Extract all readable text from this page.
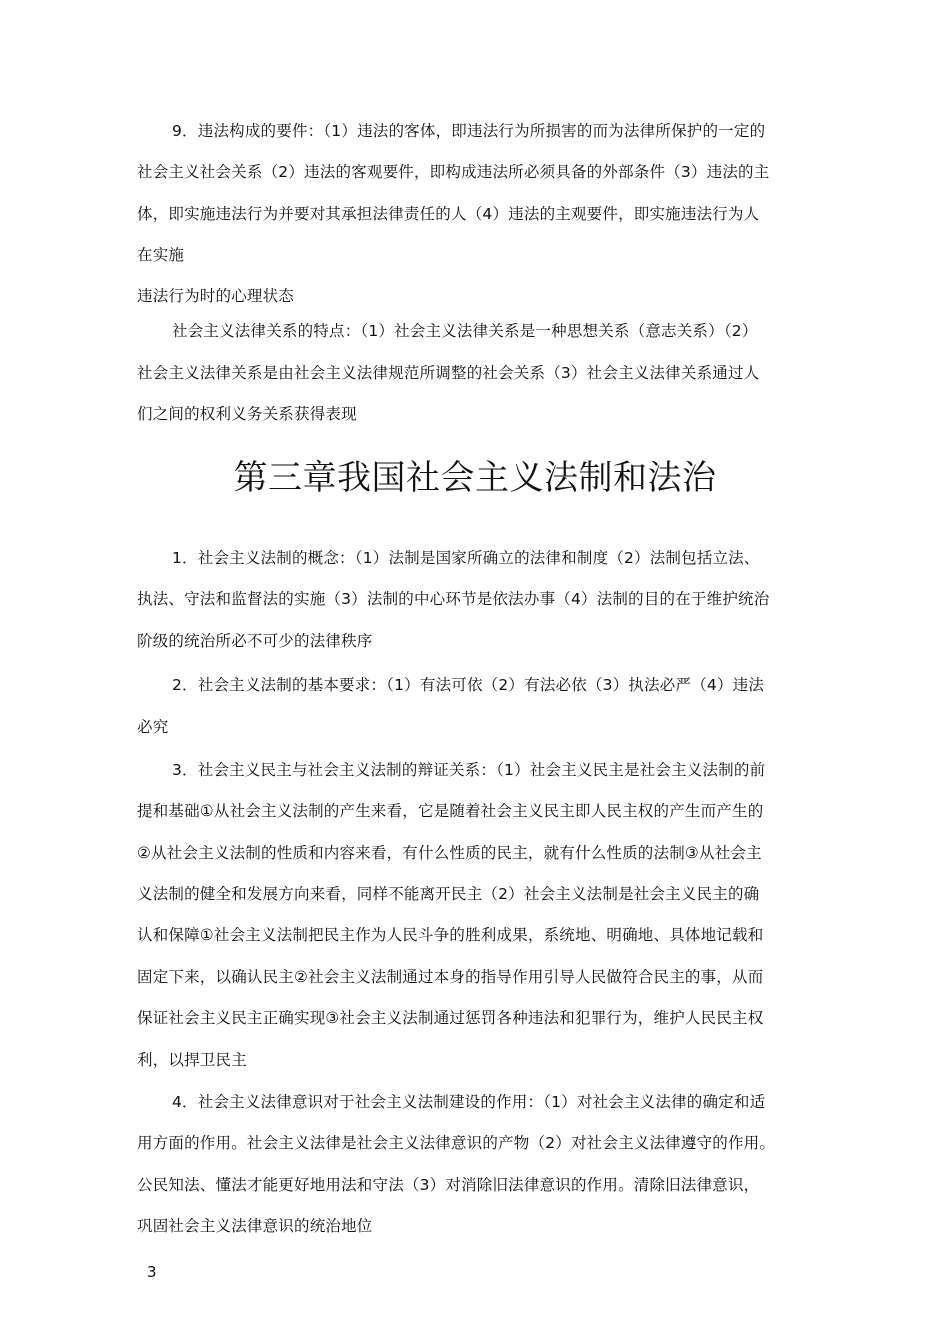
9．违法构成的要件：（1）违法的客体，即违法行为所损害的而为法律所保护的一定的
社会主义社会关系（2）违法的客观要件，即构成违法所必须具备的外部条件（3）违法的主
体，即实施违法行为并要对其承担法律责任的人（4）违法的主观要件，即实施违法行为人
在实施
违法行为时的心理状态
社会主义法律关系的特点：（1）社会主义法律关系是一种思想关系（意志关系）（2）
社会主义法律关系是由社会主义法律规范所调整的社会关系（3）社会主义法律关系通过人
们之间的权利义务关系获得表现
第三章我国社会主义法制和法治
1．社会主义法制的概念：（1）法制是国家所确立的法律和制度（2）法制包括立法、
执法、守法和监督法的实施（3）法制的中心环节是依法办事（4）法制的目的在于维护统治
阶级的统治所必不可少的法律秩序
2．社会主义法制的基本要求：（1）有法可依（2）有法必依（3）执法必严（4）违法
必究
3．社会主义民主与社会主义法制的辩证关系：（1）社会主义民主是社会主义法制的前
提和基础①从社会主义法制的产生来看，它是随着社会主义民主即人民主权的产生而产生的
②从社会主义法制的性质和内容来看，有什么性质的民主，就有什么性质的法制③从社会主
义法制的健全和发展方向来看，同样不能离开民主（2）社会主义法制是社会主义民主的确
认和保障①社会主义法制把民主作为人民斗争的胜利成果，系统地、明确地、具体地记载和
固定下来，以确认民主②社会主义法制通过本身的指导作用引导人民做符合民主的事，从而
保证社会主义民主正确实现③社会主义法制通过惩罚各种违法和犯罪行为，维护人民民主权
利，以捍卫民主
4．社会主义法律意识对于社会主义法制建设的作用：（1）对社会主义法律的确定和适
用方面的作用。社会主义法律是社会主义法律意识的产物（2）对社会主义法律遵守的作用。
公民知法、懂法才能更好地用法和守法（3）对消除旧法律意识的作用。清除旧法律意识，
巩固社会主义法律意识的统治地位
3
